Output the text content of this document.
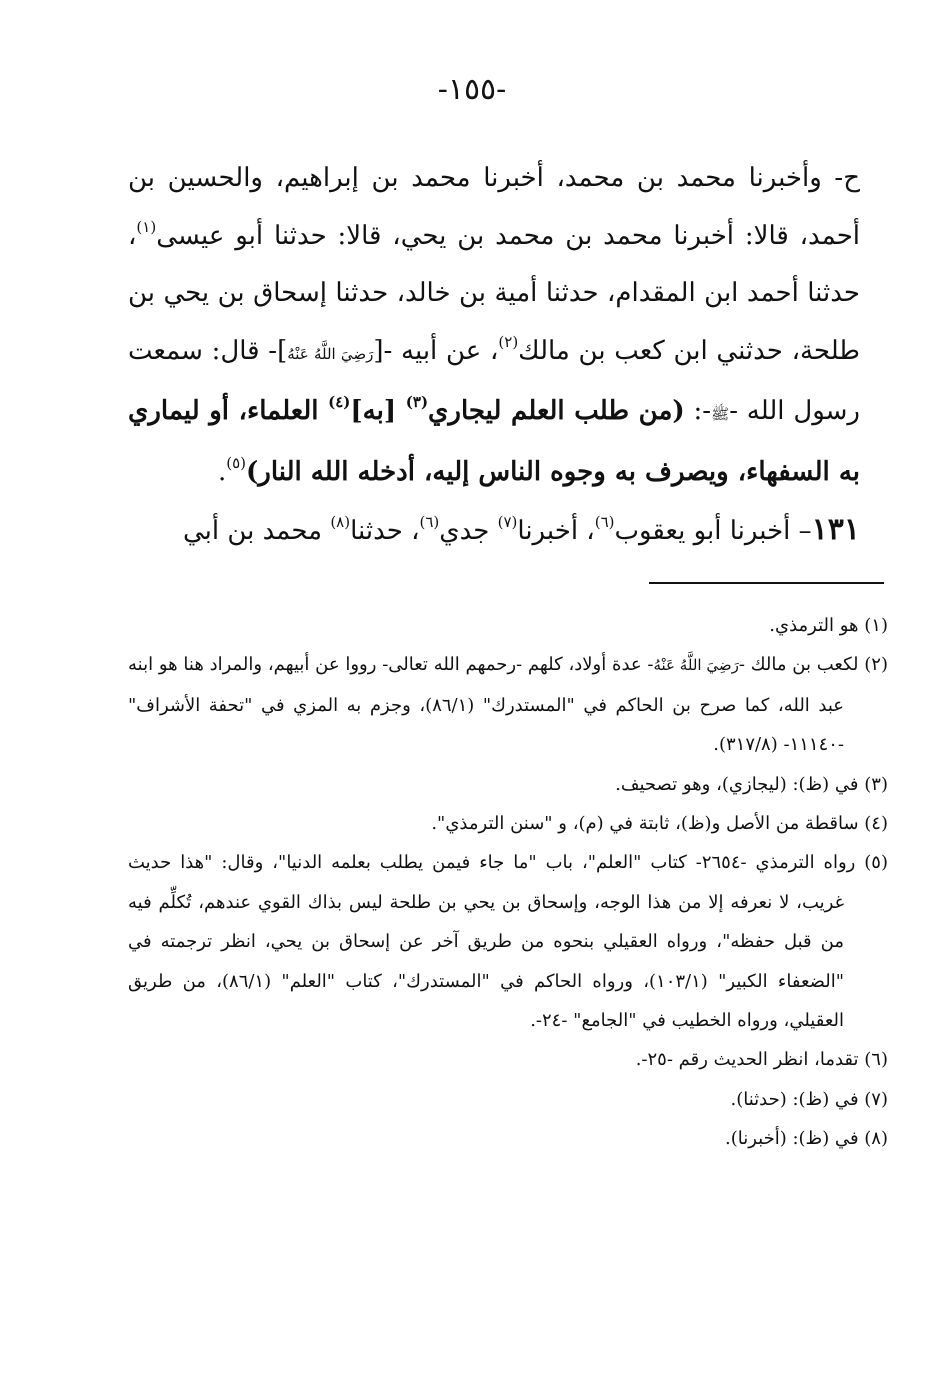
-١٥٥-

ح- وأخبرنا محمد بن محمد، أخبرنا محمد بن إبراهيم، والحسين بن أحمد، قالا: أخبرنا محمد بن محمد بن يحي، قالا: حدثنا أبو عيسى$^{(١)}$، حدثنا أحمد ابن المقدام، حدثنا أمية بن خالد، حدثنا إسحاق بن يحي بن طلحة، حدثني ابن كعب بن مالك$^{(٢)}$، عن أبيه -[رَضِيَ اللَّهُ عَنْهُ]- قال: سمعت رسول الله -ﷺ-: (من طلب العلم ليجاري$^{(٣)}$ [به]$^{(٤)}$ العلماء، أو ليماري به السفهاء، ويصرف به وجوه الناس إليه، أدخله الله النار)$^{(٥)}$.

١٣١– أخبرنا أبو يعقوب$^{(٦)}$، أخبرنا$^{(٧)}$ جدي$^{(٦)}$، حدثنا$^{(٨)}$ محمد بن أبي

(١) هو الترمذي.

(٢) لكعب بن مالك -رَضِيَ اللَّهُ عَنْهُ- عدة أولاد، كلهم -رحمهم الله تعالى- رووا عن أبيهم، والمراد هنا هو ابنه عبد الله، كما صرح بن الحاكم في "المستدرك" (٨٦/١)، وجزم به المزي في "تحفة الأشراف" -١١١٤٠- (٣١٧/٨).

(٣) في (ظ): (ليجازي)، وهو تصحيف.

(٤) ساقطة من الأصل و(ظ)، ثابتة في (م)، و "سنن الترمذي".

(٥) رواه الترمذي -٢٦٥٤- كتاب "العلم"، باب "ما جاء فيمن يطلب بعلمه الدنيا"، وقال: "هذا حديث غريب، لا نعرفه إلا من هذا الوجه، وإسحاق بن يحي بن طلحة ليس بذاك القوي عندهم، تُكلِّم فيه من قبل حفظه"، ورواه العقيلي بنحوه من طريق آخر عن إسحاق بن يحي، انظر ترجمته في "الضعفاء الكبير" (١٠٣/١)، ورواه الحاكم في "المستدرك"، كتاب "العلم" (٨٦/١)، من طريق العقيلي، ورواه الخطيب في "الجامع" -٢٤-.

(٦) تقدما، انظر الحديث رقم -٢٥-.

(٧) في (ظ): (حدثنا).

(٨) في (ظ): (أخبرنا).
